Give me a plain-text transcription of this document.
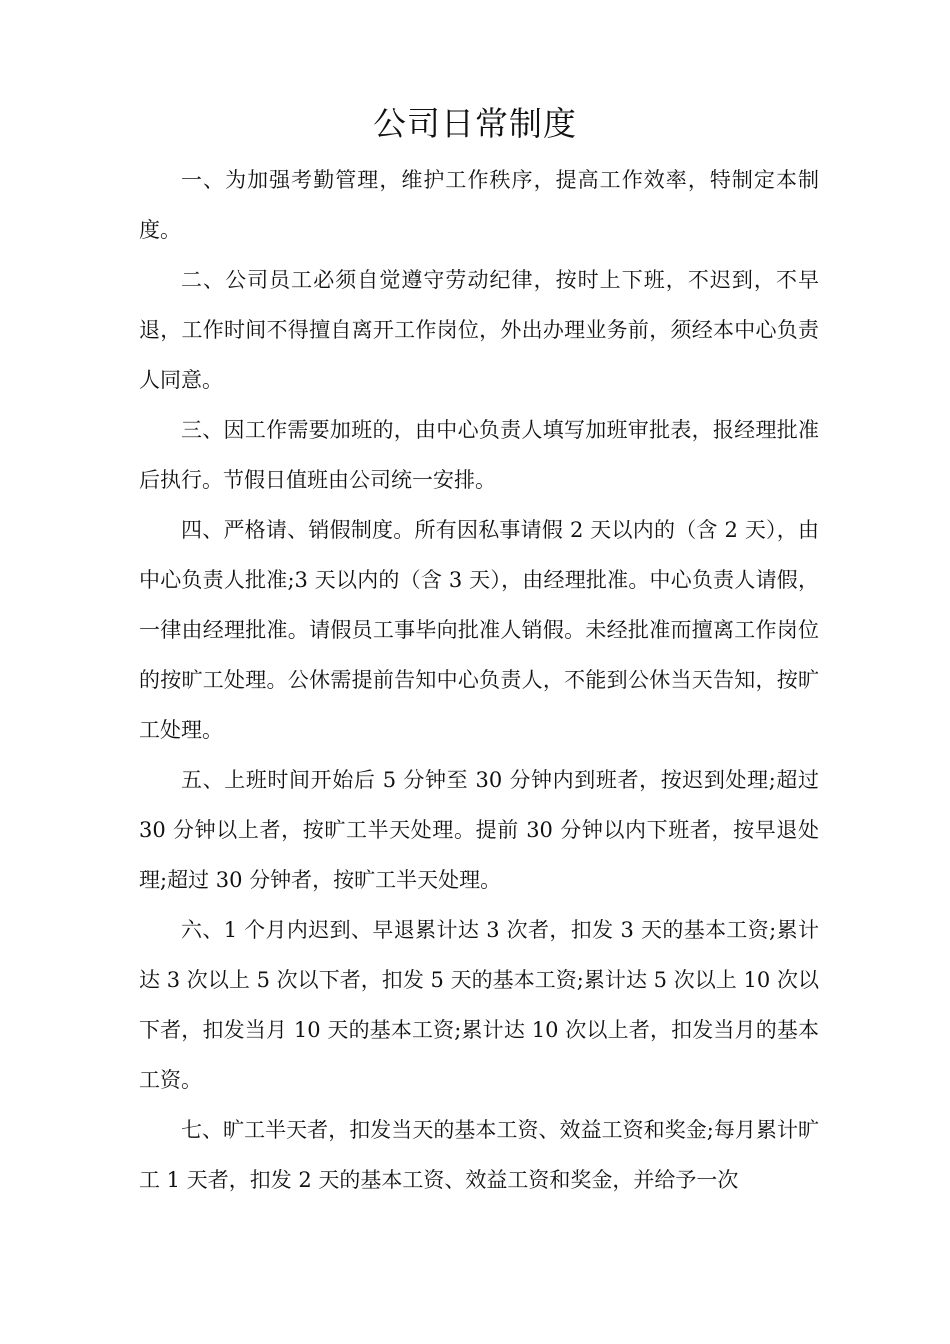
公司日常制度

一、为加强考勤管理，维护工作秩序，提高工作效率，特制定本制度。

二、公司员工必须自觉遵守劳动纪律，按时上下班，不迟到，不早退，工作时间不得擅自离开工作岗位，外出办理业务前，须经本中心负责人同意。

三、因工作需要加班的，由中心负责人填写加班审批表，报经理批准后执行。节假日值班由公司统一安排。

四、严格请、销假制度。所有因私事请假 2 天以内的（含 2 天），由中心负责人批准;3 天以内的（含 3 天），由经理批准。中心负责人请假，一律由经理批准。请假员工事毕向批准人销假。未经批准而擅离工作岗位的按旷工处理。公休需提前告知中心负责人，不能到公休当天告知，按旷工处理。

五、上班时间开始后 5 分钟至 30 分钟内到班者，按迟到处理;超过 30 分钟以上者，按旷工半天处理。提前 30 分钟以内下班者，按早退处理;超过 30 分钟者，按旷工半天处理。

六、1 个月内迟到、早退累计达 3 次者，扣发 3 天的基本工资;累计达 3 次以上 5 次以下者，扣发 5 天的基本工资;累计达 5 次以上 10 次以下者，扣发当月 10 天的基本工资;累计达 10 次以上者，扣发当月的基本工资。

七、旷工半天者，扣发当天的基本工资、效益工资和奖金;每月累计旷工 1 天者，扣发 2 天的基本工资、效益工资和奖金，并给予一次
